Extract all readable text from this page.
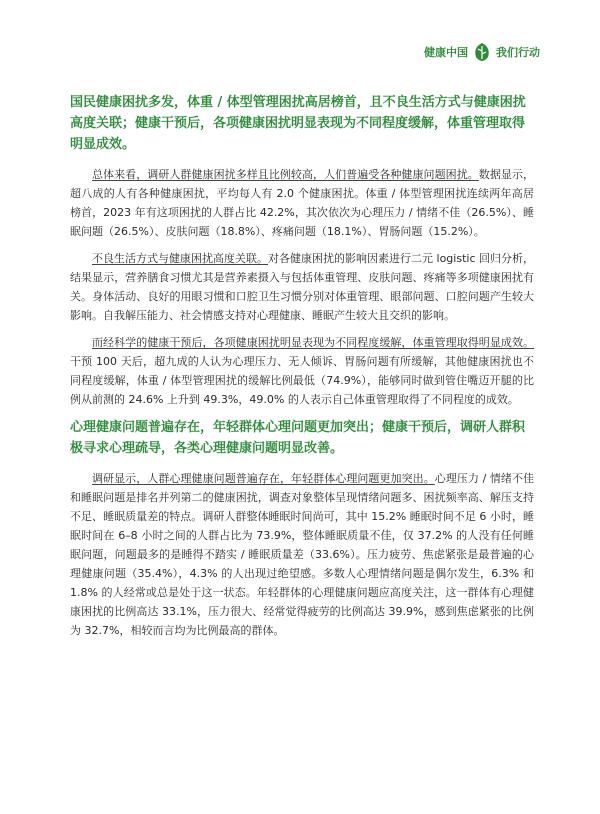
健康中国	我们行动

国民健康困扰多发，体重 / 体型管理困扰高居榜首，且不良生活方式与健康困扰高度关联；健康干预后，各项健康困扰明显表现为不同程度缓解，体重管理取得明显成效。

总体来看，调研人群健康困扰多样且比例较高，人们普遍受各种健康问题困扰。数据显示，超八成的人有各种健康困扰，平均每人有 2.0 个健康困扰。体重 / 体型管理困扰连续两年高居榜首，2023 年有这项困扰的人群占比 42.2%，其次依次为心理压力 / 情绪不佳（26.5%）、睡眠问题（26.5%）、皮肤问题（18.8%）、疼痛问题（18.1%）、胃肠问题（15.2%）。

不良生活方式与健康困扰高度关联。对各健康困扰的影响因素进行二元 logistic 回归分析，结果显示，营养膳食习惯尤其是营养素摄入与包括体重管理、皮肤问题、疼痛等多项健康困扰有关。身体活动、良好的用眼习惯和口腔卫生习惯分别对体重管理、眼部问题、口腔问题产生较大影响。自我解压能力、社会情感支持对心理健康、睡眠产生较大且交织的影响。

而经科学的健康干预后，各项健康困扰明显表现为不同程度缓解，体重管理取得明显成效。干预 100 天后，超九成的人认为心理压力、无人倾诉、胃肠问题有所缓解，其他健康困扰也不同程度缓解，体重 / 体型管理困扰的缓解比例最低（74.9%），能够同时做到管住嘴迈开腿的比例从前测的 24.6% 上升到 49.3%，49.0% 的人表示自己体重管理取得了不同程度的成效。

心理健康问题普遍存在，年轻群体心理问题更加突出；健康干预后，调研人群积极寻求心理疏导，各类心理健康问题明显改善。

调研显示，人群心理健康问题普遍存在，年轻群体心理问题更加突出。心理压力 / 情绪不佳和睡眠问题是排名并列第二的健康困扰，调查对象整体呈现情绪问题多、困扰频率高、解压支持不足、睡眠质量差的特点。调研人群整体睡眠时间尚可，其中 15.2% 睡眠时间不足 6 小时，睡眠时间在 6–8 小时之间的人群占比为 73.9%，整体睡眠质量不佳，仅 37.2% 的人没有任何睡眠问题，问题最多的是睡得不踏实 / 睡眠质量差（33.6%）。压力疲劳、焦虑紧张是最普遍的心理健康问题（35.4%），4.3% 的人出现过绝望感。多数人心理情绪问题是偶尔发生，6.3% 和 1.8% 的人经常或总是处于这一状态。年轻群体的心理健康问题应高度关注，这一群体有心理健康困扰的比例高达 33.1%，压力很大、经常觉得疲劳的比例高达 39.9%，感到焦虑紧张的比例为 32.7%，相较而言均为比例最高的群体。
